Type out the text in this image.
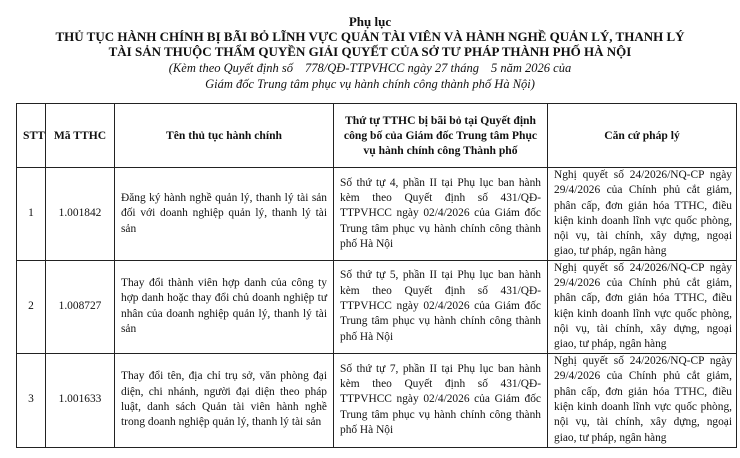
Phụ lục
THỦ TỤC HÀNH CHÍNH BỊ BÃI BỎ LĨNH VỰC QUẢN TÀI VIÊN VÀ HÀNH NGHỀ QUẢN LÝ, THANH LÝ
TÀI SẢN THUỘC THẨM QUYỀN GIẢI QUYẾT CỦA SỞ TƯ PHÁP THÀNH PHỐ HÀ NỘI
(Kèm theo Quyết định số 778/QĐ-TTPVHCC ngày 27 tháng 5 năm 2026 của
Giám đốc Trung tâm phục vụ hành chính công thành phố Hà Nội)
STT	Mã TTHC	Tên thủ tục hành chính	Thứ tự TTHC bị bãi bỏ tại Quyết định công bố của Giám đốc Trung tâm Phục vụ hành chính công Thành phố	Căn cứ pháp lý
1	1.001842	Đăng ký hành nghề quản lý, thanh lý tài sản đối với doanh nghiệp quản lý, thanh lý tài sản	Số thứ tự 4, phần II tại Phụ lục ban hành kèm theo Quyết định số 431/QĐ-TTPVHCC ngày 02/4/2026 của Giám đốc Trung tâm phục vụ hành chính công thành phố Hà Nội	Nghị quyết số 24/2026/NQ-CP ngày 29/4/2026 của Chính phủ cắt giảm, phân cấp, đơn giản hóa TTHC, điều kiện kinh doanh lĩnh vực quốc phòng, nội vụ, tài chính, xây dựng, ngoại giao, tư pháp, ngân hàng
2	1.008727	Thay đổi thành viên hợp danh của công ty hợp danh hoặc thay đổi chủ doanh nghiệp tư nhân của doanh nghiệp quản lý, thanh lý tài sản	Số thứ tự 5, phần II tại Phụ lục ban hành kèm theo Quyết định số 431/QĐ-TTPVHCC ngày 02/4/2026 của Giám đốc Trung tâm phục vụ hành chính công thành phố Hà Nội	Nghị quyết số 24/2026/NQ-CP ngày 29/4/2026 của Chính phủ cắt giảm, phân cấp, đơn giản hóa TTHC, điều kiện kinh doanh lĩnh vực quốc phòng, nội vụ, tài chính, xây dựng, ngoại giao, tư pháp, ngân hàng
3	1.001633	Thay đổi tên, địa chỉ trụ sở, văn phòng đại diện, chi nhánh, người đại diện theo pháp luật, danh sách Quản tài viên hành nghề trong doanh nghiệp quản lý, thanh lý tài sản	Số thứ tự 7, phần II tại Phụ lục ban hành kèm theo Quyết định số 431/QĐ-TTPVHCC ngày 02/4/2026 của Giám đốc Trung tâm phục vụ hành chính công thành phố Hà Nội	Nghị quyết số 24/2026/NQ-CP ngày 29/4/2026 của Chính phủ cắt giảm, phân cấp, đơn giản hóa TTHC, điều kiện kinh doanh lĩnh vực quốc phòng, nội vụ, tài chính, xây dựng, ngoại giao, tư pháp, ngân hàng
